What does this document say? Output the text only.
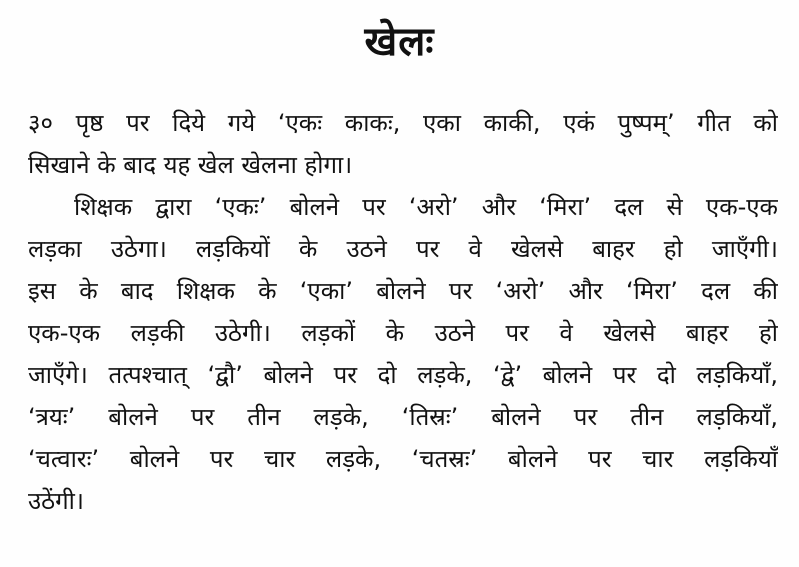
खेलः
३० पृष्ठ पर दिये गये ‘एकः काकः, एका काकी, एकं पुष्पम्’ गीत को
सिखाने के बाद यह खेल खेलना होगा।
शिक्षक द्वारा ‘एकः’ बोलने पर ‘अरो’ और ‘मिरा’ दल से एक-एक
लड़का उठेगा। लड़कियों के उठने पर वे खेलसे बाहर हो जाएँगी।
इस के बाद शिक्षक के ‘एका’ बोलने पर ‘अरो’ और ‘मिरा’ दल की
एक-एक लड़की उठेगी। लड़कों के उठने पर वे खेलसे बाहर हो
जाएँगे। तत्पश्चात् ‘द्वौ’ बोलने पर दो लड़के, ‘द्वे’ बोलने पर दो लड़कियाँ,
‘त्रयः’ बोलने पर तीन लड़के, ‘तिस्रः’ बोलने पर तीन लड़कियाँ,
‘चत्वारः’ बोलने पर चार लड़के, ‘चतस्रः’ बोलने पर चार लड़कियाँ
उठेंगी।
